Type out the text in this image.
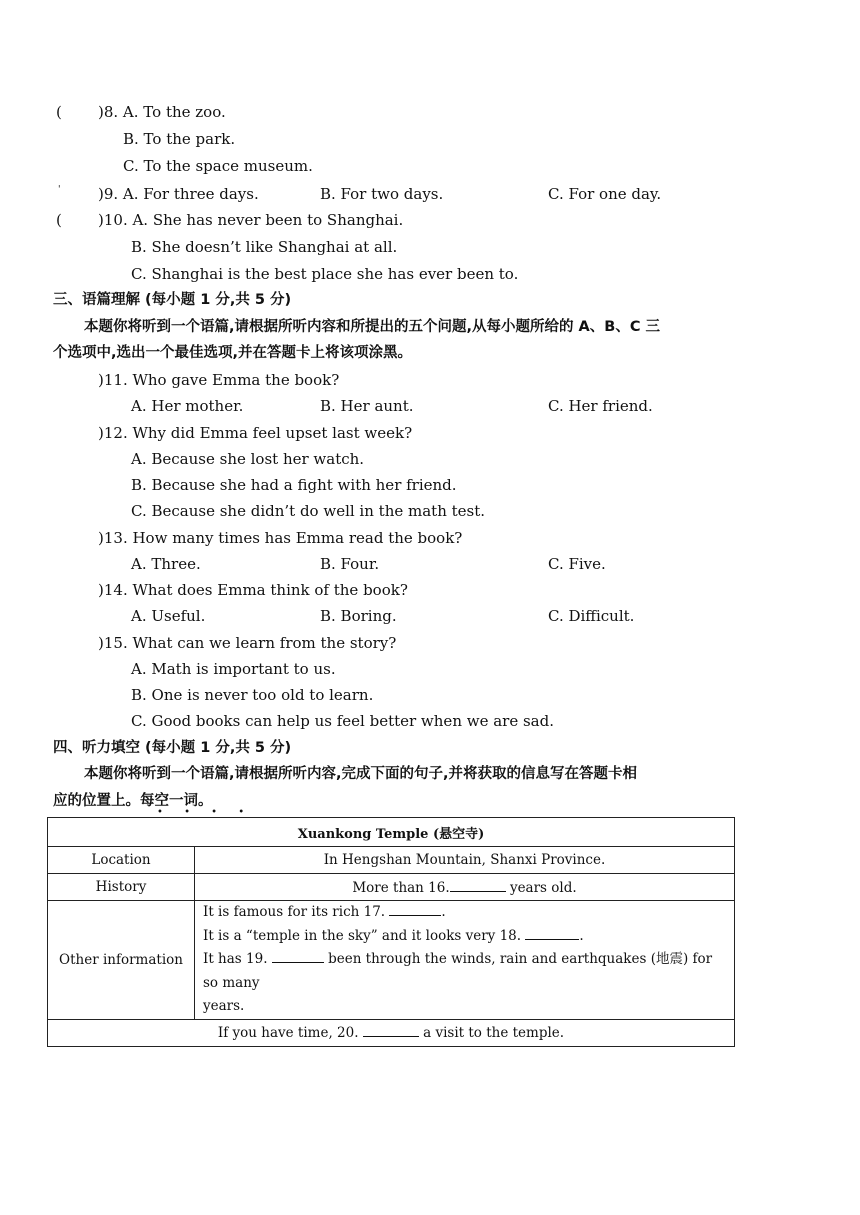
( )8. A. To the zoo.
B. To the park.
C. To the space museum.
'	)9. A. For three days.	B. For two days.	C. For one day.
( )10. A. She has never been to Shanghai.
B. She doesn’t like Shanghai at all.
C. Shanghai is the best place she has ever been to.
三、语篇理解 (每小题 1 分,共 5 分)
本题你将听到一个语篇,请根据所听内容和所提出的五个问题,从每小题所给的 A、B、C 三
个选项中,选出一个最佳选项,并在答题卡上将该项涂黑。
)11. Who gave Emma the book?
A. Her mother.	B. Her aunt.	C. Her friend.
)12. Why did Emma feel upset last week?
A. Because she lost her watch.
B. Because she had a fight with her friend.
C. Because she didn’t do well in the math test.
)13. How many times has Emma read the book?
A. Three.	B. Four.	C. Five.
)14. What does Emma think of the book?
A. Useful.	B. Boring.	C. Difficult.
)15. What can we learn from the story?
A. Math is important to us.
B. One is never too old to learn.
C. Good books can help us feel better when we are sad.
四、听力填空 (每小题 1 分,共 5 分)
本题你将听到一个语篇,请根据所听内容,完成下面的句子,并将获取的信息写在答题卡相
应的位置上。每空一词。
• • • •
Xuankong Temple (悬空寺)	
Location	In Hengshan Mountain, Shanxi Province.
History	More than 16. years old.
Other information	It is famous for its rich 17. .

It is a “temple in the sky” and it looks very 18. .

It has 19. been through the winds, rain and earthquakes (地震) for so many

years.

If you have time, 20. a visit to the temple.	
